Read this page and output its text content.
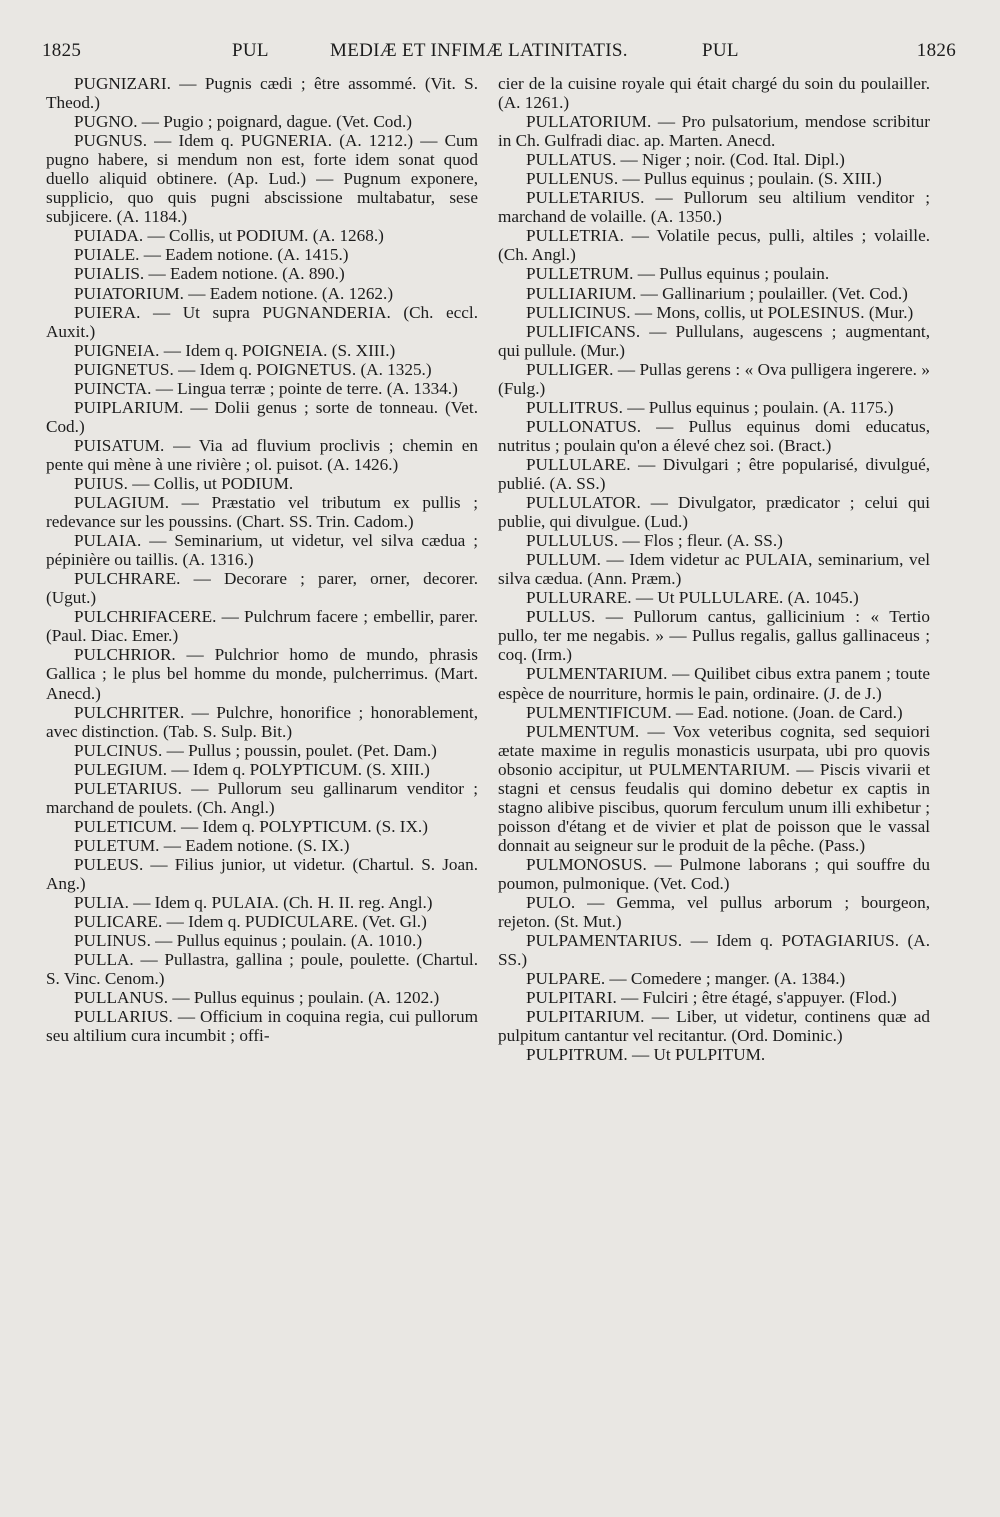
1825	PUL	MEDIÆ ET INFIMÆ LATINITATIS.	PUL	1826

PUGNIZARI. — Pugnis cædi ; être assommé. (Vit. S. Theod.)

PUGNO. — Pugio ; poignard, dague. (Vet. Cod.)

PUGNUS. — Idem q. PUGNERIA. (A. 1212.) — Cum pugno habere, si mendum non est, forte idem sonat quod duello aliquid obtinere. (Ap. Lud.) — Pugnum exponere, supplicio, quo quis pugni abscissione multabatur, sese subjicere. (A. 1184.)

PUIADA. — Collis, ut PODIUM. (A. 1268.)

PUIALE. — Eadem notione. (A. 1415.)

PUIALIS. — Eadem notione. (A. 890.)

PUIATORIUM. — Eadem notione. (A. 1262.)

PUIERA. — Ut supra PUGNANDERIA. (Ch. eccl. Auxit.)

PUIGNEIA. — Idem q. POIGNEIA. (S. XIII.)

PUIGNETUS. — Idem q. POIGNETUS. (A. 1325.)

PUINCTA. — Lingua terræ ; pointe de terre. (A. 1334.)

PUIPLARIUM. — Dolii genus ; sorte de tonneau. (Vet. Cod.)

PUISATUM. — Via ad fluvium proclivis ; chemin en pente qui mène à une rivière ; ol. puisot. (A. 1426.)

PUIUS. — Collis, ut PODIUM.

PULAGIUM. — Præstatio vel tributum ex pullis ; redevance sur les poussins. (Chart. SS. Trin. Cadom.)

PULAIA. — Seminarium, ut videtur, vel silva cædua ; pépinière ou taillis. (A. 1316.)

PULCHRARE. — Decorare ; parer, orner, decorer. (Ugut.)

PULCHRIFACERE. — Pulchrum facere ; embellir, parer. (Paul. Diac. Emer.)

PULCHRIOR. — Pulchrior homo de mundo, phrasis Gallica ; le plus bel homme du monde, pulcherrimus. (Mart. Anecd.)

PULCHRITER. — Pulchre, honorifice ; honorablement, avec distinction. (Tab. S. Sulp. Bit.)

PULCINUS. — Pullus ; poussin, poulet. (Pet. Dam.)

PULEGIUM. — Idem q. POLYPTICUM. (S. XIII.)

PULETARIUS. — Pullorum seu gallinarum venditor ; marchand de poulets. (Ch. Angl.)

PULETICUM. — Idem q. POLYPTICUM. (S. IX.)

PULETUM. — Eadem notione. (S. IX.)

PULEUS. — Filius junior, ut videtur. (Chartul. S. Joan. Ang.)

PULIA. — Idem q. PULAIA. (Ch. H. II. reg. Angl.)

PULICARE. — Idem q. PUDICULARE. (Vet. Gl.)

PULINUS. — Pullus equinus ; poulain. (A. 1010.)

PULLA. — Pullastra, gallina ; poule, poulette. (Chartul. S. Vinc. Cenom.)

PULLANUS. — Pullus equinus ; poulain. (A. 1202.)

PULLARIUS. — Officium in coquina regia, cui pullorum seu altilium cura incumbit ; offi-

cier de la cuisine royale qui était chargé du soin du poulailler. (A. 1261.)

PULLATORIUM. — Pro pulsatorium, mendose scribitur in Ch. Gulfradi diac. ap. Marten. Anecd.

PULLATUS. — Niger ; noir. (Cod. Ital. Dipl.)

PULLENUS. — Pullus equinus ; poulain. (S. XIII.)

PULLETARIUS. — Pullorum seu altilium venditor ; marchand de volaille. (A. 1350.)

PULLETRIA. — Volatile pecus, pulli, altiles ; volaille. (Ch. Angl.)

PULLETRUM. — Pullus equinus ; poulain.

PULLIARIUM. — Gallinarium ; poulailler. (Vet. Cod.)

PULLICINUS. — Mons, collis, ut POLESINUS. (Mur.)

PULLIFICANS. — Pullulans, augescens ; augmentant, qui pullule. (Mur.)

PULLIGER. — Pullas gerens : « Ova pulligera ingerere. » (Fulg.)

PULLITRUS. — Pullus equinus ; poulain. (A. 1175.)

PULLONATUS. — Pullus equinus domi educatus, nutritus ; poulain qu'on a élevé chez soi. (Bract.)

PULLULARE. — Divulgari ; être popularisé, divulgué, publié. (A. SS.)

PULLULATOR. — Divulgator, prædicator ; celui qui publie, qui divulgue. (Lud.)

PULLULUS. — Flos ; fleur. (A. SS.)

PULLUM. — Idem videtur ac PULAIA, seminarium, vel silva cædua. (Ann. Præm.)

PULLURARE. — Ut PULLULARE. (A. 1045.)

PULLUS. — Pullorum cantus, gallicinium : « Tertio pullo, ter me negabis. » — Pullus regalis, gallus gallinaceus ; coq. (Irm.)

PULMENTARIUM. — Quilibet cibus extra panem ; toute espèce de nourriture, hormis le pain, ordinaire. (J. de J.)

PULMENTIFICUM. — Ead. notione. (Joan. de Card.)

PULMENTUM. — Vox veteribus cognita, sed sequiori ætate maxime in regulis monasticis usurpata, ubi pro quovis obsonio accipitur, ut PULMENTARIUM. — Piscis vivarii et stagni et census feudalis qui domino debetur ex captis in stagno alibive piscibus, quorum ferculum unum illi exhibetur ; poisson d'étang et de vivier et plat de poisson que le vassal donnait au seigneur sur le produit de la pêche. (Pass.)

PULMONOSUS. — Pulmone laborans ; qui souffre du poumon, pulmonique. (Vet. Cod.)

PULO. — Gemma, vel pullus arborum ; bourgeon, rejeton. (St. Mut.)

PULPAMENTARIUS. — Idem q. POTAGIARIUS. (A. SS.)

PULPARE. — Comedere ; manger. (A. 1384.)

PULPITARI. — Fulciri ; être étagé, s'appuyer. (Flod.)

PULPITARIUM. — Liber, ut videtur, continens quæ ad pulpitum cantantur vel recitantur. (Ord. Dominic.)

PULPITRUM. — Ut PULPITUM.
